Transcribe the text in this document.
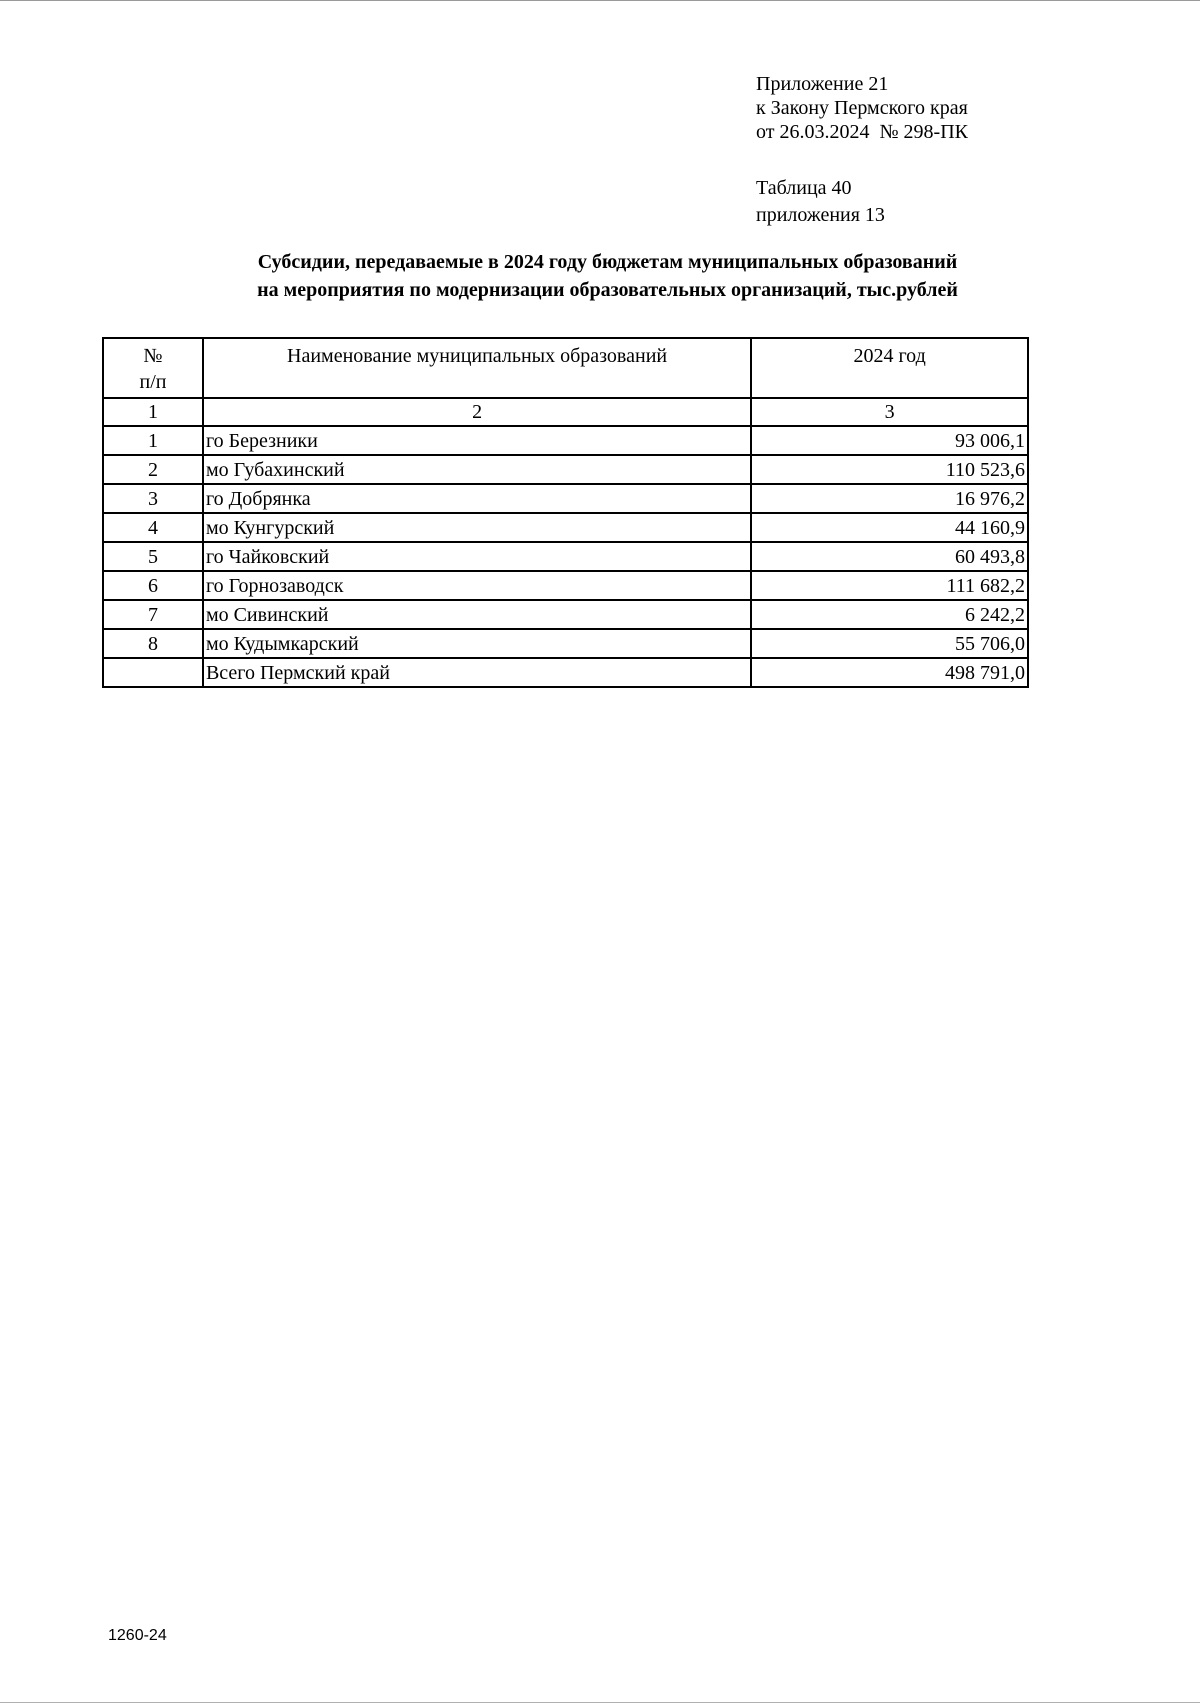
Приложение 21
к Закону Пермского края
от 26.03.2024  № 298-ПК
Таблица 40
приложения 13
Субсидии, передаваемые в 2024 году бюджетам муниципальных образований
на мероприятия по модернизации образовательных организаций, тыс.рублей
№
п/п	Наименование муниципальных образований	2024 год
1	2	3
1	го Березники	93 006,1
2	мо Губахинский	110 523,6
3	го Добрянка	16 976,2
4	мо Кунгурский	44 160,9
5	го Чайковский	60 493,8
6	го Горнозаводск	111 682,2
7	мо Сивинский	6 242,2
8	мо Кудымкарский	55 706,0
	Всего Пермский край	498 791,0
1260-24
